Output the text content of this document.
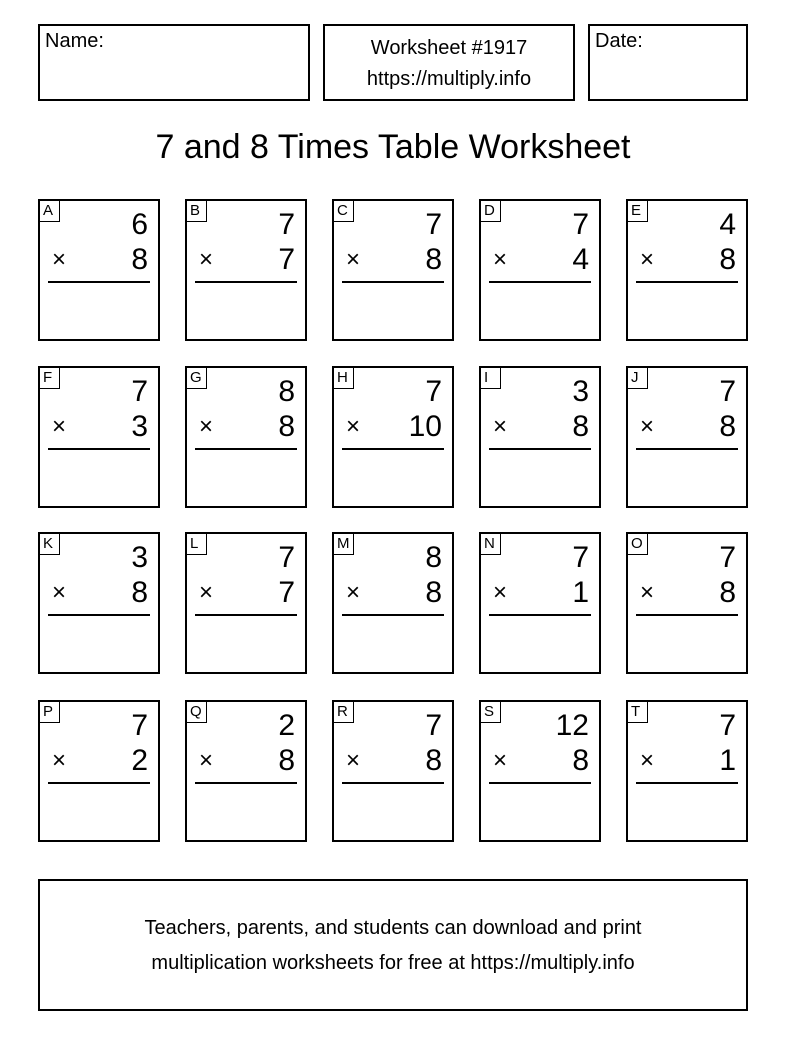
Name:	Worksheet #1917
https://multiply.info
Date:
7 and 8 Times Table Worksheet
A	6
× 8
B	7
× 7
C	7
× 8
D	7
× 4
E	4
× 8
F	7
× 3
G	8
× 8
H	7
× 10
I	3
× 8
J	7
× 8
K	3
× 8
L	7
× 7
M	8
× 8
N	7
× 1
O	7
× 8
P	7
× 2
Q	2
× 8
R	7
× 8
S 12
× 8
T	7
× 1
Teachers, parents, and students can download and print
multiplication worksheets for free at https://multiply.info
